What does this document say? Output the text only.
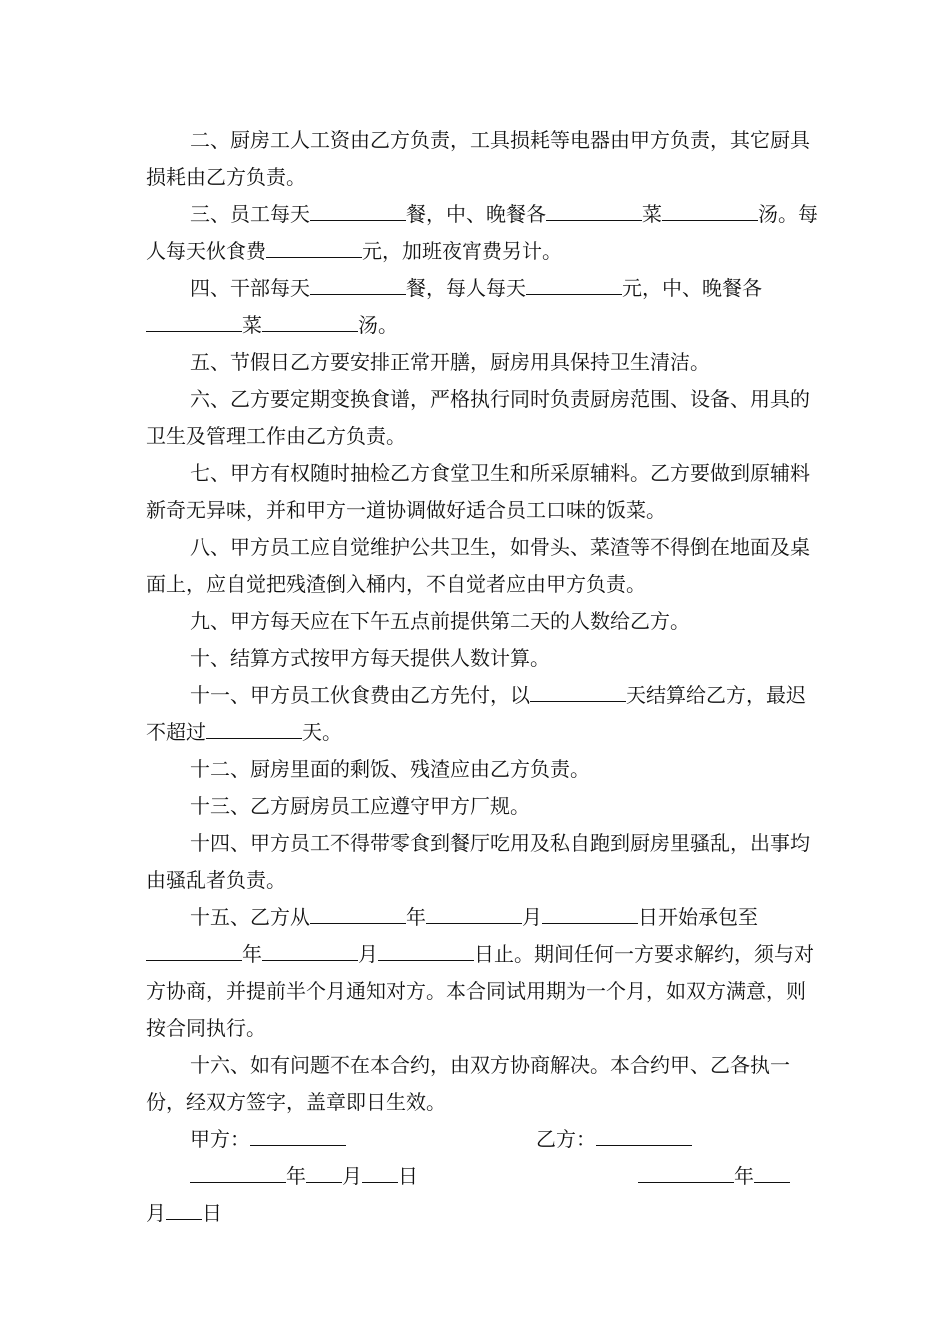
二、厨房工人工资由乙方负责，工具损耗等电器由甲方负责，其它厨具损耗由乙方负责。

三、员工每天	餐，中、晚餐各	菜	汤。每人每天伙食费	元，加班夜宵费另计。

四、干部每天	餐，每人每天	元，中、晚餐各菜	汤。

五、节假日乙方要安排正常开膳，厨房用具保持卫生清洁。

六、乙方要定期变换食谱，严格执行同时负责厨房范围、设备、用具的卫生及管理工作由乙方负责。

七、甲方有权随时抽检乙方食堂卫生和所采原辅料。乙方要做到原辅料新奇无异味，并和甲方一道协调做好适合员工口味的饭菜。

八、甲方员工应自觉维护公共卫生，如骨头、菜渣等不得倒在地面及桌面上，应自觉把残渣倒入桶内，不自觉者应由甲方负责。

九、甲方每天应在下午五点前提供第二天的人数给乙方。

十、结算方式按甲方每天提供人数计算。

十一、甲方员工伙食费由乙方先付，以	天结算给乙方，最迟不超过	天。

十二、厨房里面的剩饭、残渣应由乙方负责。

十三、乙方厨房员工应遵守甲方厂规。

十四、甲方员工不得带零食到餐厅吃用及私自跑到厨房里骚乱，出事均由骚乱者负责。

十五、乙方从	年	月	日开始承包至年	月	日止。期间任何一方要求解约，须与对方协商，并提前半个月通知对方。本合同试用期为一个月，如双方满意，则按合同执行。

十六、如有问题不在本合约，由双方协商解决。本合约甲、乙各执一份，经双方签字，盖章即日生效。

甲方：	乙方：
年 月 日	年
月 日
